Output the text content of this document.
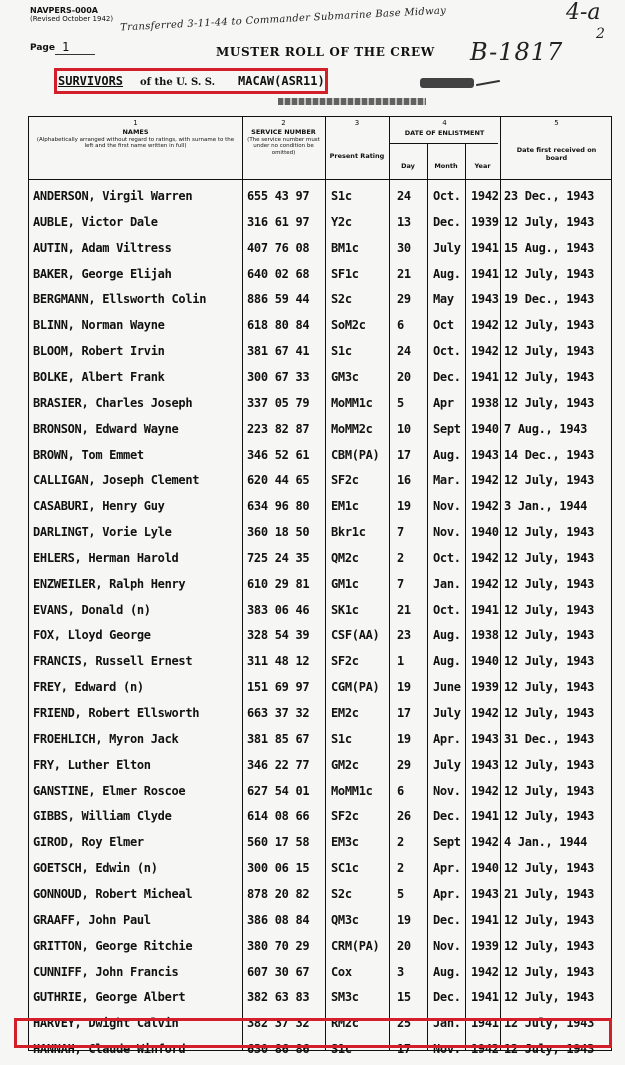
NAVPERS-000A
(Revised October 1942) Transferred 3-11-44 to Commander Submarine Base Midway	4-a
2
B-1817
Page 1	MUSTER ROLL OF THE CREW
SURVIVORS of the U. S. S. MACAW(ASR11)
1
NAMES
(Alphabetically arranged without regard to ratings, with surname to the left and the first name written in full)
2
SERVICE NUMBER
(The service number must under no condition be omitted)
3
Present Rating
4
DATE OF ENLISTMENT
Day	Month	Year
5
Date first received on board
ANDERSON, Virgil Warren	655 43 97 S1c	24 Oct. 1942 23 Dec., 1943
AUBLE, Victor Dale	316 61 97 Y2c	13 Dec. 1939 12 July, 1943
AUTIN, Adam Viltress	407 76 08 BM1c	30 July 1941 15 Aug., 1943
BAKER, George Elijah	640 02 68 SF1c	21 Aug. 1941 12 July, 1943
BERGMANN, Ellsworth Colin	886 59 44 S2c	29 May 1943 19 Dec., 1943
BLINN, Norman Wayne	618 80 84 SoM2c	6 Oct 1942 12 July, 1943
BLOOM, Robert Irvin	381 67 41 S1c	24 Oct. 1942 12 July, 1943
BOLKE, Albert Frank	300 67 33 GM3c	20 Dec. 1941 12 July, 1943
BRASIER, Charles Joseph	337 05 79 MoMM1c 5 Apr 1938 12 July, 1943
BRONSON, Edward Wayne	223 82 87 MoMM2c 10 Sept 1940 7 Aug., 1943
BROWN, Tom Emmet	346 52 61 CBM(PA) 17 Aug. 1943 14 Dec., 1943
CALLIGAN, Joseph Clement	620 44 65 SF2c	16 Mar. 1942 12 July, 1943
CASABURI, Henry Guy	634 96 80 EM1c	19 Nov. 1942 3 Jan., 1944
DARLINGT, Vorie Lyle	360 18 50 Bkr1c	7 Nov. 1940 12 July, 1943
EHLERS, Herman Harold	725 24 35 QM2c	2 Oct. 1942 12 July, 1943
ENZWEILER, Ralph Henry	610 29 81 GM1c	7 Jan. 1942 12 July, 1943
EVANS, Donald (n)	383 06 46 SK1c	21 Oct. 1941 12 July, 1943
FOX, Lloyd George	328 54 39 CSF(AA) 23 Aug. 1938 12 July, 1943
FRANCIS, Russell Ernest	311 48 12 SF2c	1 Aug. 1940 12 July, 1943
FREY, Edward (n)	151 69 97 CGM(PA) 19 June 1939 12 July, 1943
FRIEND, Robert Ellsworth	663 37 32 EM2c	17 July 1942 12 July, 1943
FROEHLICH, Myron Jack	381 85 67 S1c	19 Apr. 1943 31 Dec., 1943
FRY, Luther Elton	346 22 77 GM2c	29 July 1943 12 July, 1943
GANSTINE, Elmer Roscoe	627 54 01 MoMM1c 6 Nov. 1942 12 July, 1943
GIBBS, William Clyde	614 08 66 SF2c	26 Dec. 1941 12 July, 1943
GIROD, Roy Elmer	560 17 58 EM3c	2 Sept 1942 4 Jan., 1944
GOETSCH, Edwin (n)	300 06 15 SC1c	2 Apr. 1940 12 July, 1943
GONNOUD, Robert Micheal	878 20 82 S2c	5 Apr. 1943 21 July, 1943
GRAAFF, John Paul	386 08 84 QM3c	19 Dec. 1941 12 July, 1943
GRITTON, George Ritchie	380 70 29 CRM(PA) 20 Nov. 1939 12 July, 1943
CUNNIFF, John Francis	607 30 67 Cox	3 Aug. 1942 12 July, 1943
GUTHRIE, George Albert	382 63 83 SM3c	15 Dec. 1941 12 July, 1943
HARVEY, Dwight Calvin	382 37 32 RM2c	25 Jan. 1941 12 July, 1943
HANNAH, Claude Winford	630 86 86 S1c	17 Nov. 1942 12 July, 1943
